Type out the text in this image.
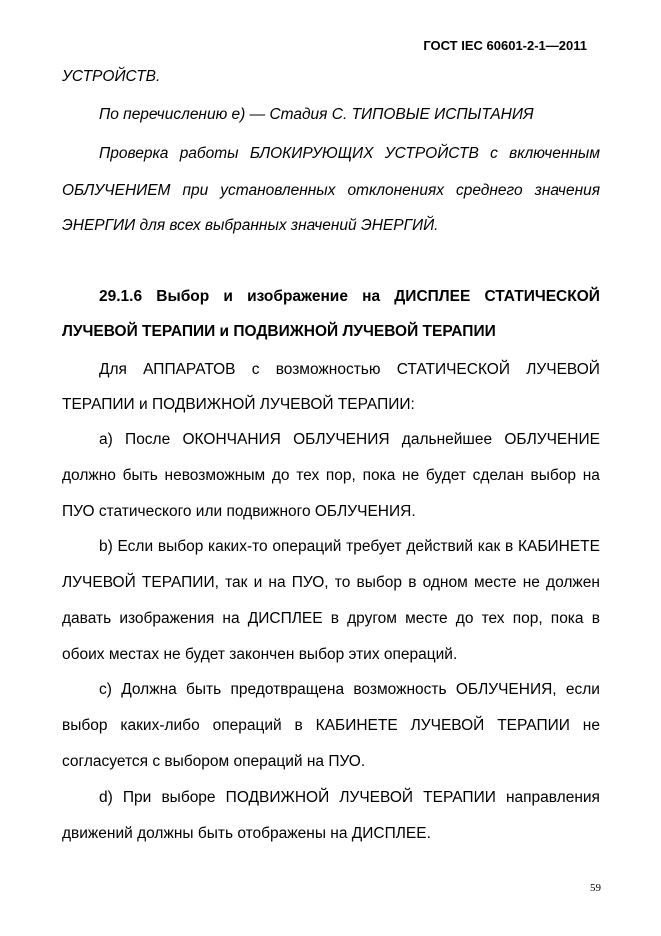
ГОСТ IEC 60601-2-1—2011
УСТРОЙСТВ.
По перечислению е) — Стадия С. ТИПОВЫЕ ИСПЫТАНИЯ
Проверка работы БЛОКИРУЮЩИХ УСТРОЙСТВ с включенным
ОБЛУЧЕНИЕМ при установленных отклонениях среднего значения
ЭНЕРГИИ для всех выбранных значений ЭНЕРГИЙ.
29.1.6 Выбор и изображение на ДИСПЛЕЕ СТАТИЧЕСКОЙ
ЛУЧЕВОЙ ТЕРАПИИ и ПОДВИЖНОЙ ЛУЧЕВОЙ ТЕРАПИИ
Для АППАРАТОВ с возможностью СТАТИЧЕСКОЙ ЛУЧЕВОЙ
ТЕРАПИИ и ПОДВИЖНОЙ ЛУЧЕВОЙ ТЕРАПИИ:
а) После ОКОНЧАНИЯ ОБЛУЧЕНИЯ дальнейшее ОБЛУЧЕНИЕ
должно быть невозможным до тех пор, пока не будет сделан выбор на
ПУО статического или подвижного ОБЛУЧЕНИЯ.
b) Если выбор каких-то операций требует действий как в КАБИНЕТЕ
ЛУЧЕВОЙ ТЕРАПИИ, так и на ПУО, то выбор в одном месте не должен
давать изображения на ДИСПЛЕЕ в другом месте до тех пор, пока в
обоих местах не будет закончен выбор этих операций.
c) Должна быть предотвращена возможность ОБЛУЧЕНИЯ, если
выбор каких-либо операций в КАБИНЕТЕ ЛУЧЕВОЙ ТЕРАПИИ не
согласуется с выбором операций на ПУО.
d) При выборе ПОДВИЖНОЙ ЛУЧЕВОЙ ТЕРАПИИ направления
движений должны быть отображены на ДИСПЛЕЕ.
59
